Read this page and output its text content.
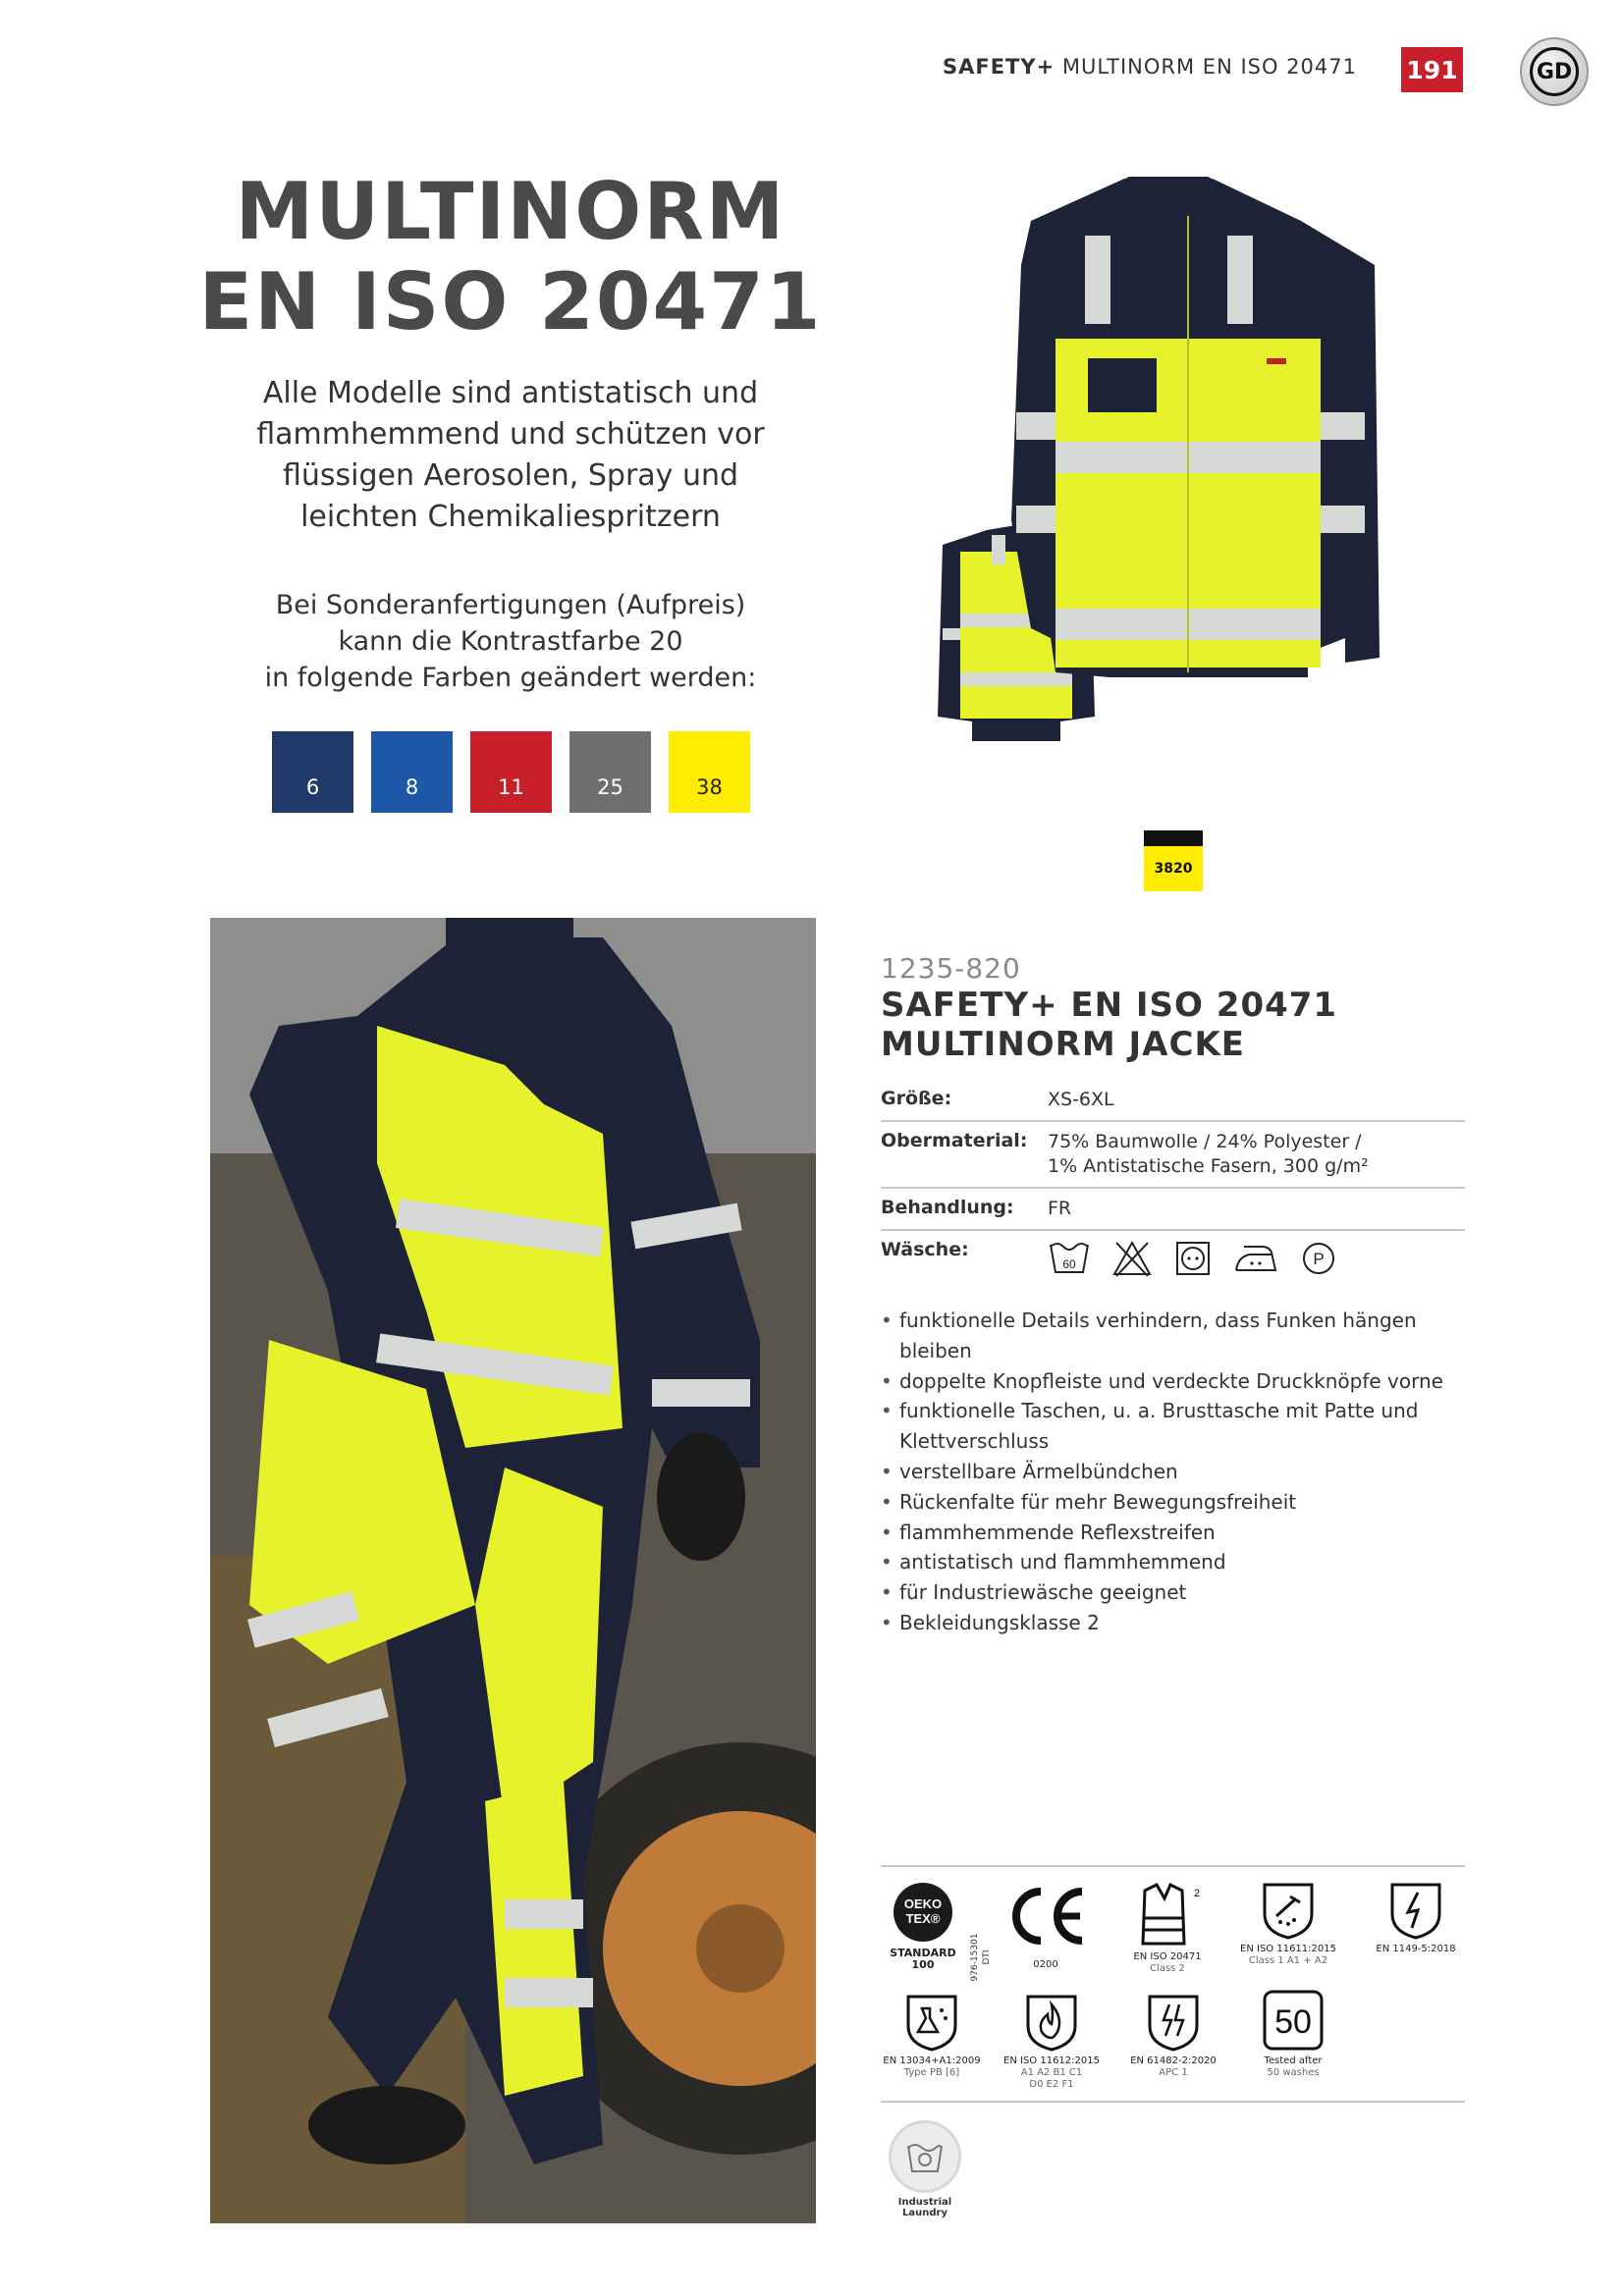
SAFETY+ MULTINORM EN ISO 20471 191	GD
MULTINORM
EN ISO 20471
Alle Modelle sind antistatisch und
flammhemmend und schützen vor
flüssigen Aerosolen, Spray und
leichten Chemikaliespritzern
Bei Sonderanfertigungen (Aufpreis)
kann die Kontrastfarbe 20
in folgende Farben geändert werden:
6	8	11	25	38
3820
1235-820
SAFETY+ EN ISO 20471
MULTINORM JACKE
Größe:	XS-6XL
Obermaterial:	75% Baumwolle / 24% Polyester /
1% Antistatische Fasern, 300 g/m²
Behandlung:	FR
Wäsche:
60	P
• funktionelle Details verhindern, dass Funken hängen bleiben
• doppelte Knopfleiste und verdeckte Druckknöpfe vorne
• funktionelle Taschen, u. a. Brusttasche mit Patte und
Klettverschluss
• verstellbare Ärmelbündchen
• Rückenfalte für mehr Bewegungsfreiheit
• flammhemmende Reflexstreifen
• antistatisch und flammhemmend
• für Industriewäsche geeignet
• Bekleidungsklasse 2
OEKO
TEX®
STANDARD
100	976-15301 DTI	0200
2
EN ISO 20471
Class 2
EN ISO 11611:2015
Class 1 A1 + A2
EN 1149-5:2018
EN 13034+A1:2009
Type PB [6]
EN ISO 11612:2015
A1 A2 B1 C1
D0 E2 F1
EN 61482-2:2020
APC 1
50
Tested after
50 washes
Industrial
Laundry
